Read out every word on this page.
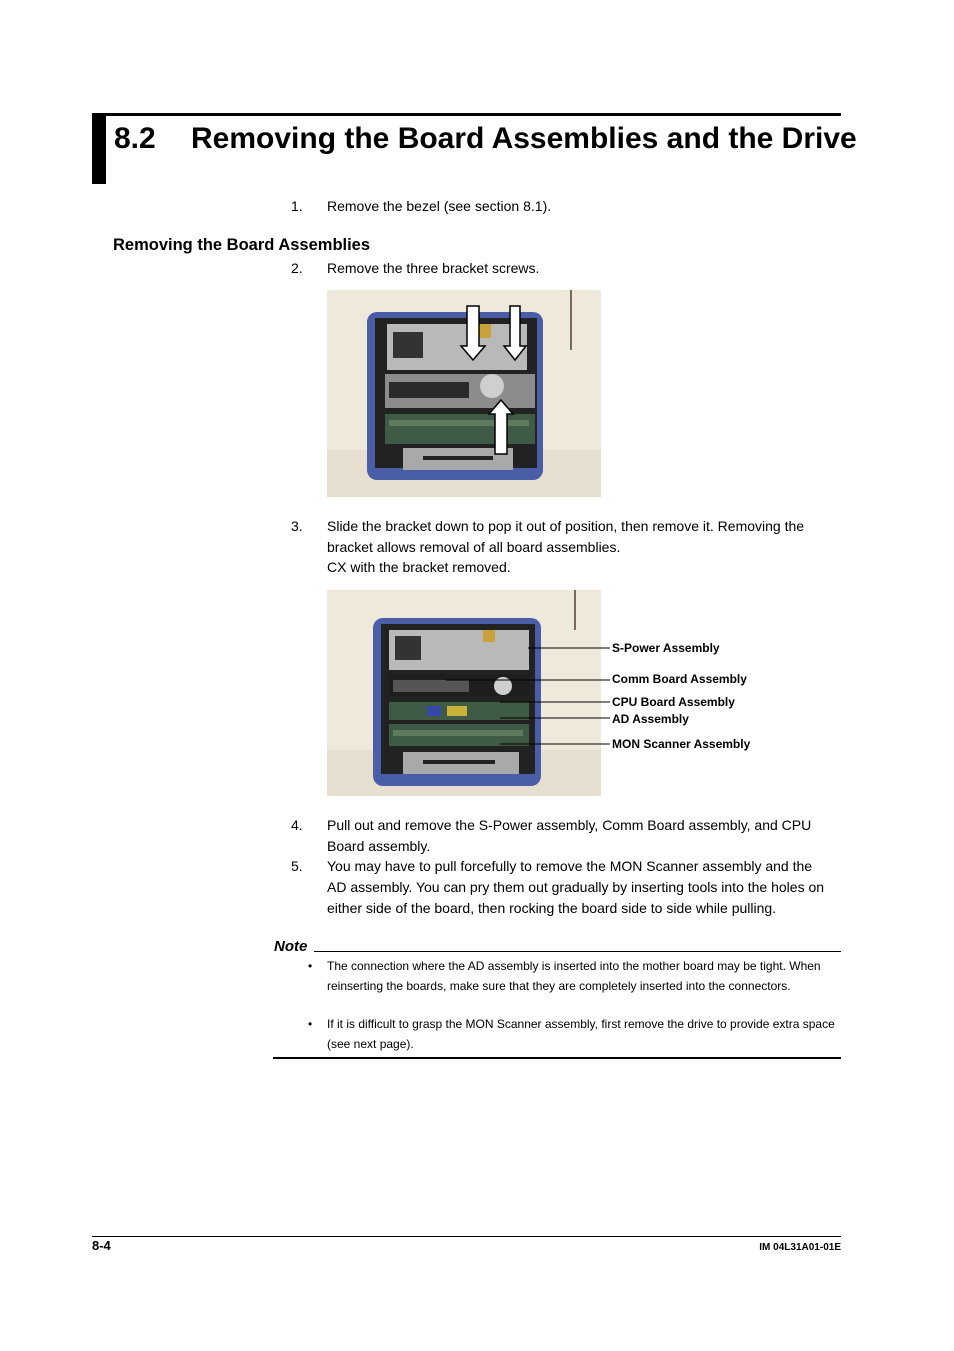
8.2 Removing the Board Assemblies and the Drive
1.	Remove the bezel (see section 8.1).
Removing the Board Assemblies
2.	Remove the three bracket screws.
3.	Slide the bracket down to pop it out of position, then remove it. Removing the bracket allows removal of all board assemblies.
CX with the bracket removed.
S-Power Assembly
Comm Board Assembly
CPU Board Assembly
AD Assembly
MON Scanner Assembly
4.	Pull out and remove the S-Power assembly, Comm Board assembly, and CPU Board assembly.
5.	You may have to pull forcefully to remove the MON Scanner assembly and the AD assembly. You can pry them out gradually by inserting tools into the holes on either side of the board, then rocking the board side to side while pulling.
Note
• The connection where the AD assembly is inserted into the mother board may be tight. When reinserting the boards, make sure that they are completely inserted into the connectors.
• If it is difficult to grasp the MON Scanner assembly, first remove the drive to provide extra space (see next page).
8-4	IM 04L31A01-01E
